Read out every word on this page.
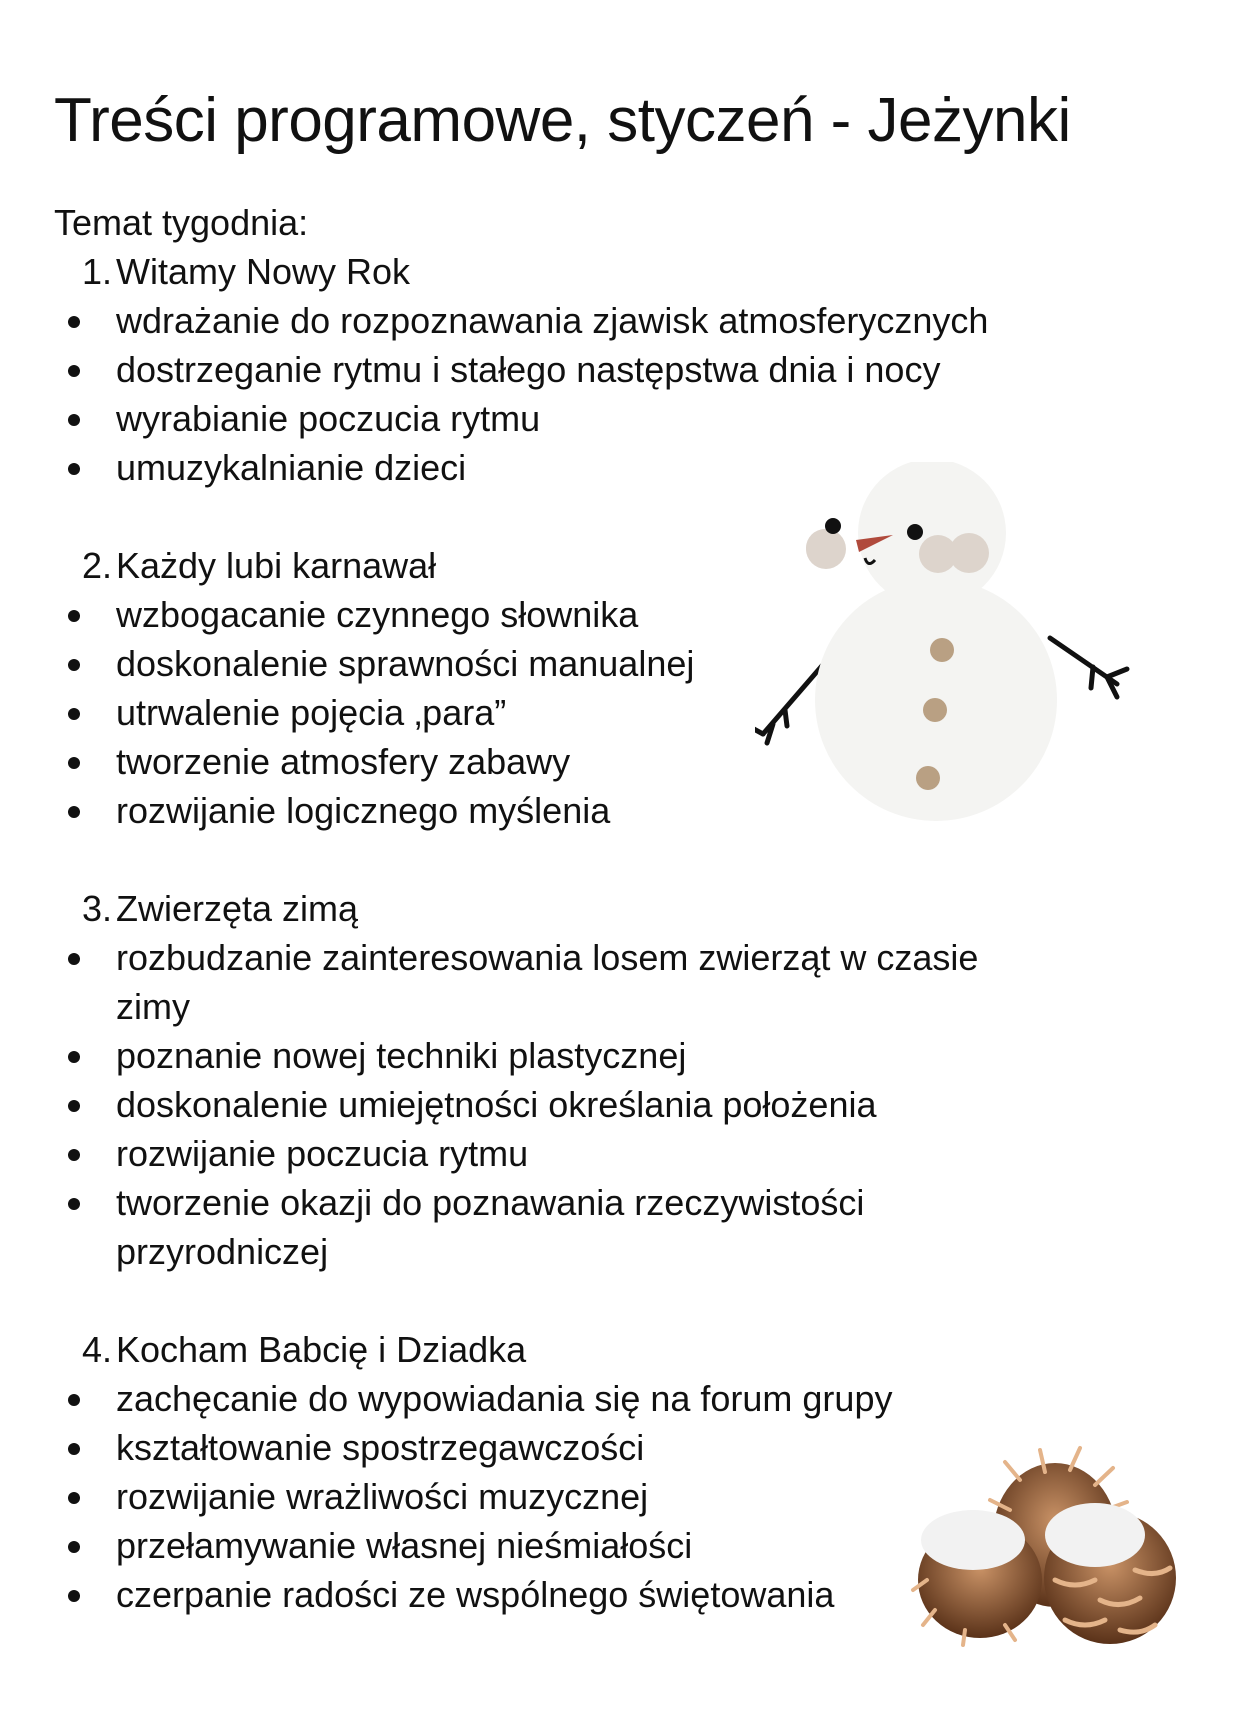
Treści programowe, styczeń - Jeżynki
Temat tygodnia:
1. Witamy Nowy Rok
wdrażanie do rozpoznawania zjawisk atmosferycznych
dostrzeganie rytmu i stałego następstwa dnia i nocy
wyrabianie poczucia rytmu
umuzykalnianie dzieci
2. Każdy lubi karnawał
wzbogacanie czynnego słownika
doskonalenie sprawności manualnej
utrwalenie pojęcia ‚para”
tworzenie atmosfery zabawy
rozwijanie logicznego myślenia
3. Zwierzęta zimą
rozbudzanie zainteresowania losem zwierząt w czasie
zimy
poznanie nowej techniki plastycznej
doskonalenie umiejętności określania położenia
rozwijanie poczucia rytmu
tworzenie okazji do poznawania rzeczywistości
przyrodniczej
4. Kocham Babcię i Dziadka
zachęcanie do wypowiadania się na forum grupy
kształtowanie spostrzegawczości
rozwijanie wrażliwości muzycznej
przełamywanie własnej nieśmiałości
czerpanie radości ze wspólnego świętowania
